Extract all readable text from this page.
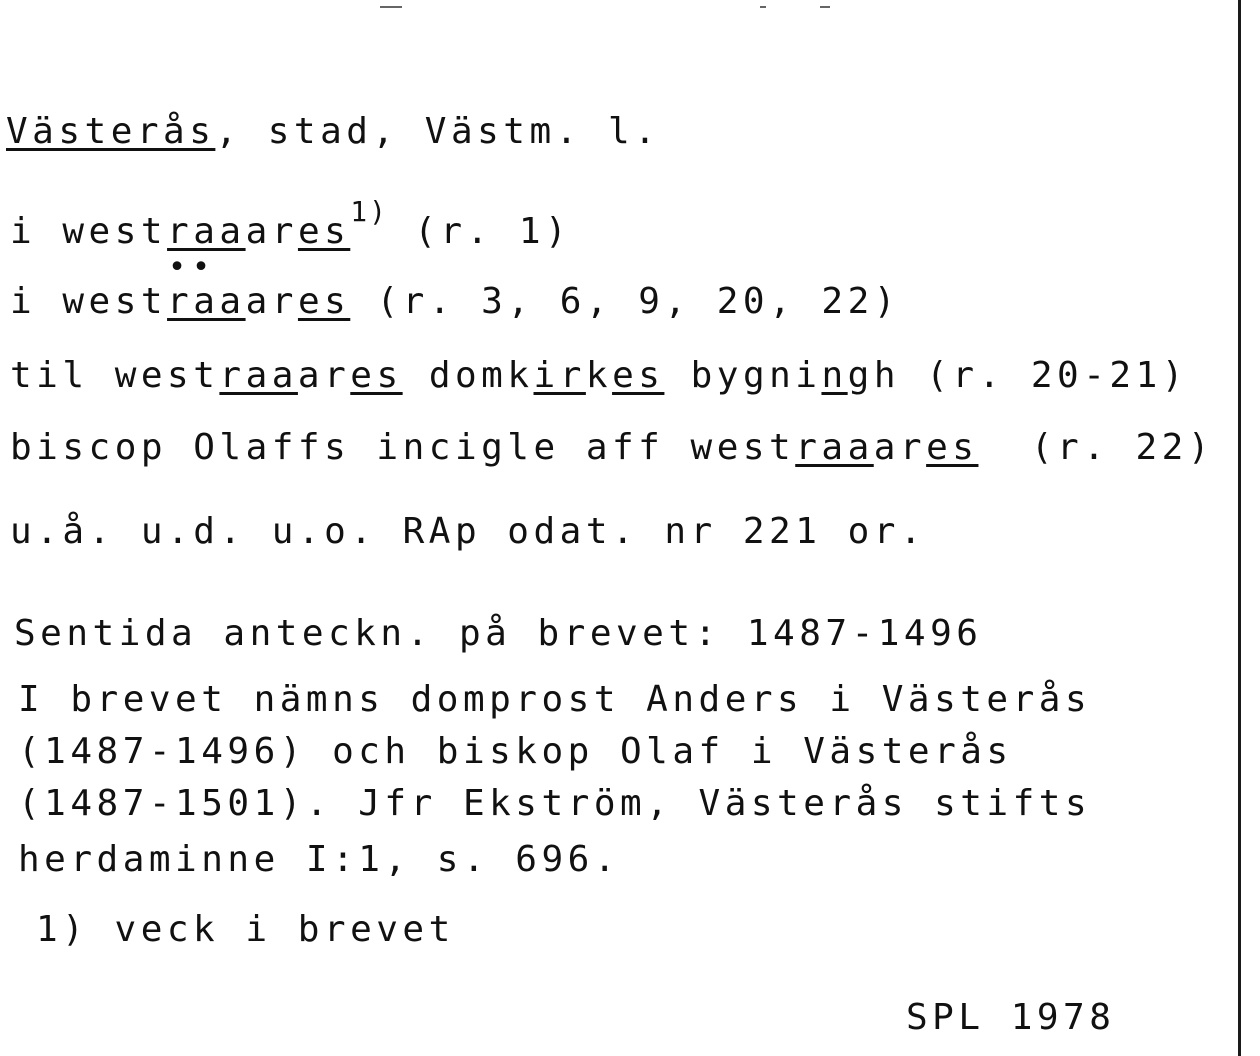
Västerås, stad, Västm. l.
i westraaares$^{1)}$ (r. 1)
••
i westraaares (r. 3, 6, 9, 20, 22)
til westraaares domkirkes bygningh (r. 20-21)
biscop Olaffs incigle aff westraaares  (r. 22)
u.å. u.d. u.o. RAp odat. nr 221 or.
Sentida anteckn. på brevet: 1487-1496
I brevet nämns domprost Anders i Västerås
(1487-1496) och biskop Olaf i Västerås
(1487-1501). Jfr Ekström, Västerås stifts
herdaminne I:1, s. 696.
1) veck i brevet
SPL 1978
